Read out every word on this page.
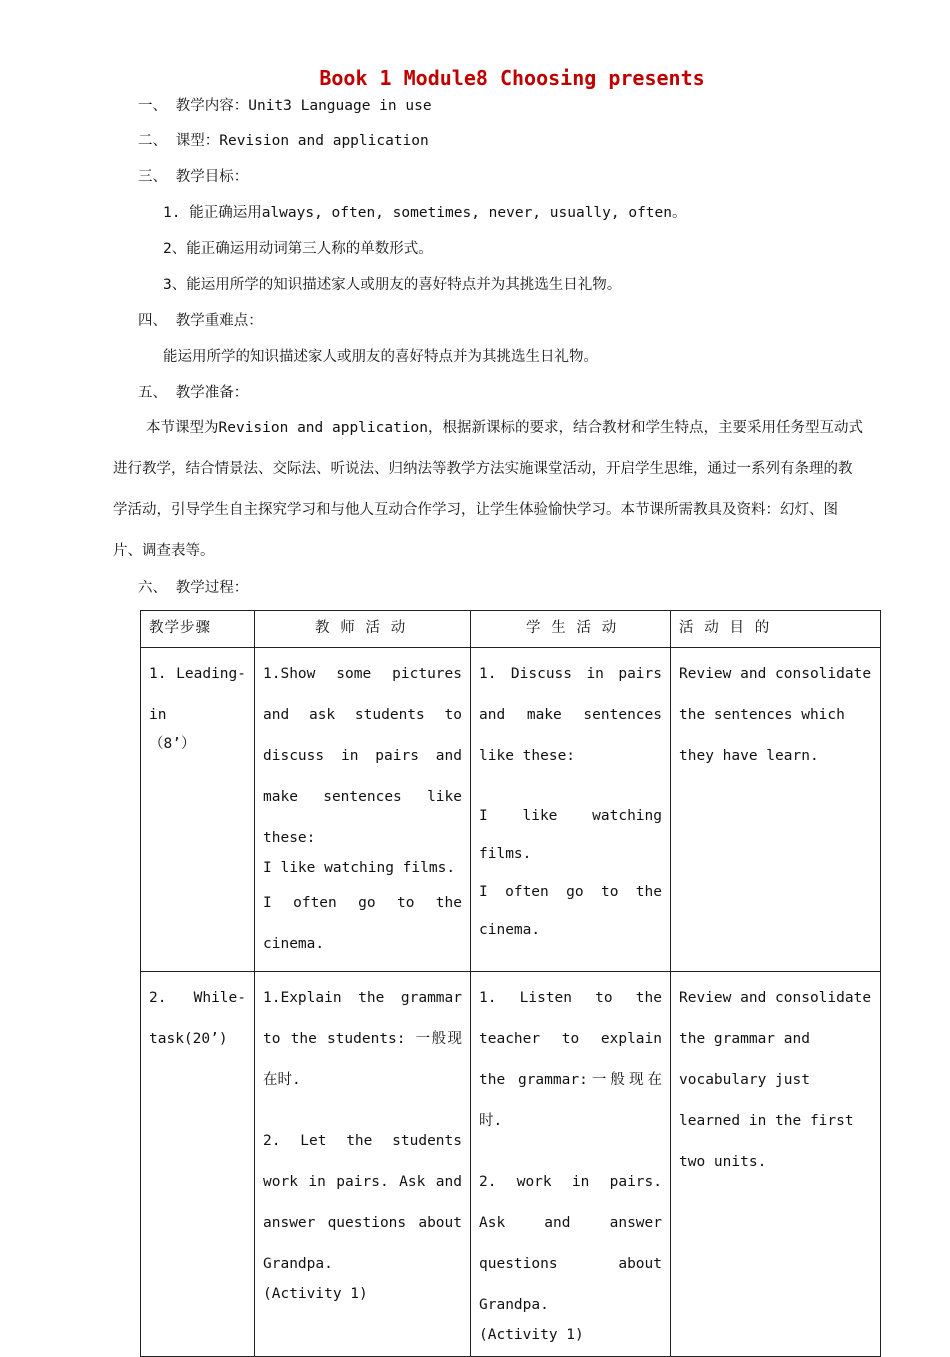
Book 1 Module8 Choosing presents
一、 教学内容：Unit3 Language in use
二、 课型：Revision and application
三、 教学目标：
1. 能正确运用always, often, sometimes, never, usually, often。
2、能正确运用动词第三人称的单数形式。
3、能运用所学的知识描述家人或朋友的喜好特点并为其挑选生日礼物。
四、 教学重难点：
能运用所学的知识描述家人或朋友的喜好特点并为其挑选生日礼物。
五、 教学准备：
本节课型为Revision and application，根据新课标的要求，结合教材和学生特点，主要采用任务型互动式进行教学，结合情景法、交际法、听说法、归纳法等教学方法实施课堂活动，开启学生思维，通过一系列有条理的教学活动，引导学生自主探究学习和与他人互动合作学习，让学生体验愉快学习。本节课所需教具及资料：幻灯、图片、调查表等。
六、 教学过程：
教学步骤	教 师 活 动	学 生 活 动	活 动 目 的

1. Leading-in
（8’）	1.Show some pictures and ask students to discuss in pairs and make sentences like these:
I like watching films.
I often go to the cinema.	1. Discuss in pairs and make sentences like these:
I like watching films.
I often go to the cinema.	Review and consolidate the sentences which they have learn.

2. While-task(20’)	1.Explain the grammar to the students: 一般现在时.
2. Let the students work in pairs. Ask and answer questions about Grandpa.
(Activity 1)	1. Listen to the teacher to explain the grammar:一般现在时.
2. work in pairs. Ask and answer questions about Grandpa.
(Activity 1)	Review and consolidate the grammar and vocabulary just learned in the first two units.
